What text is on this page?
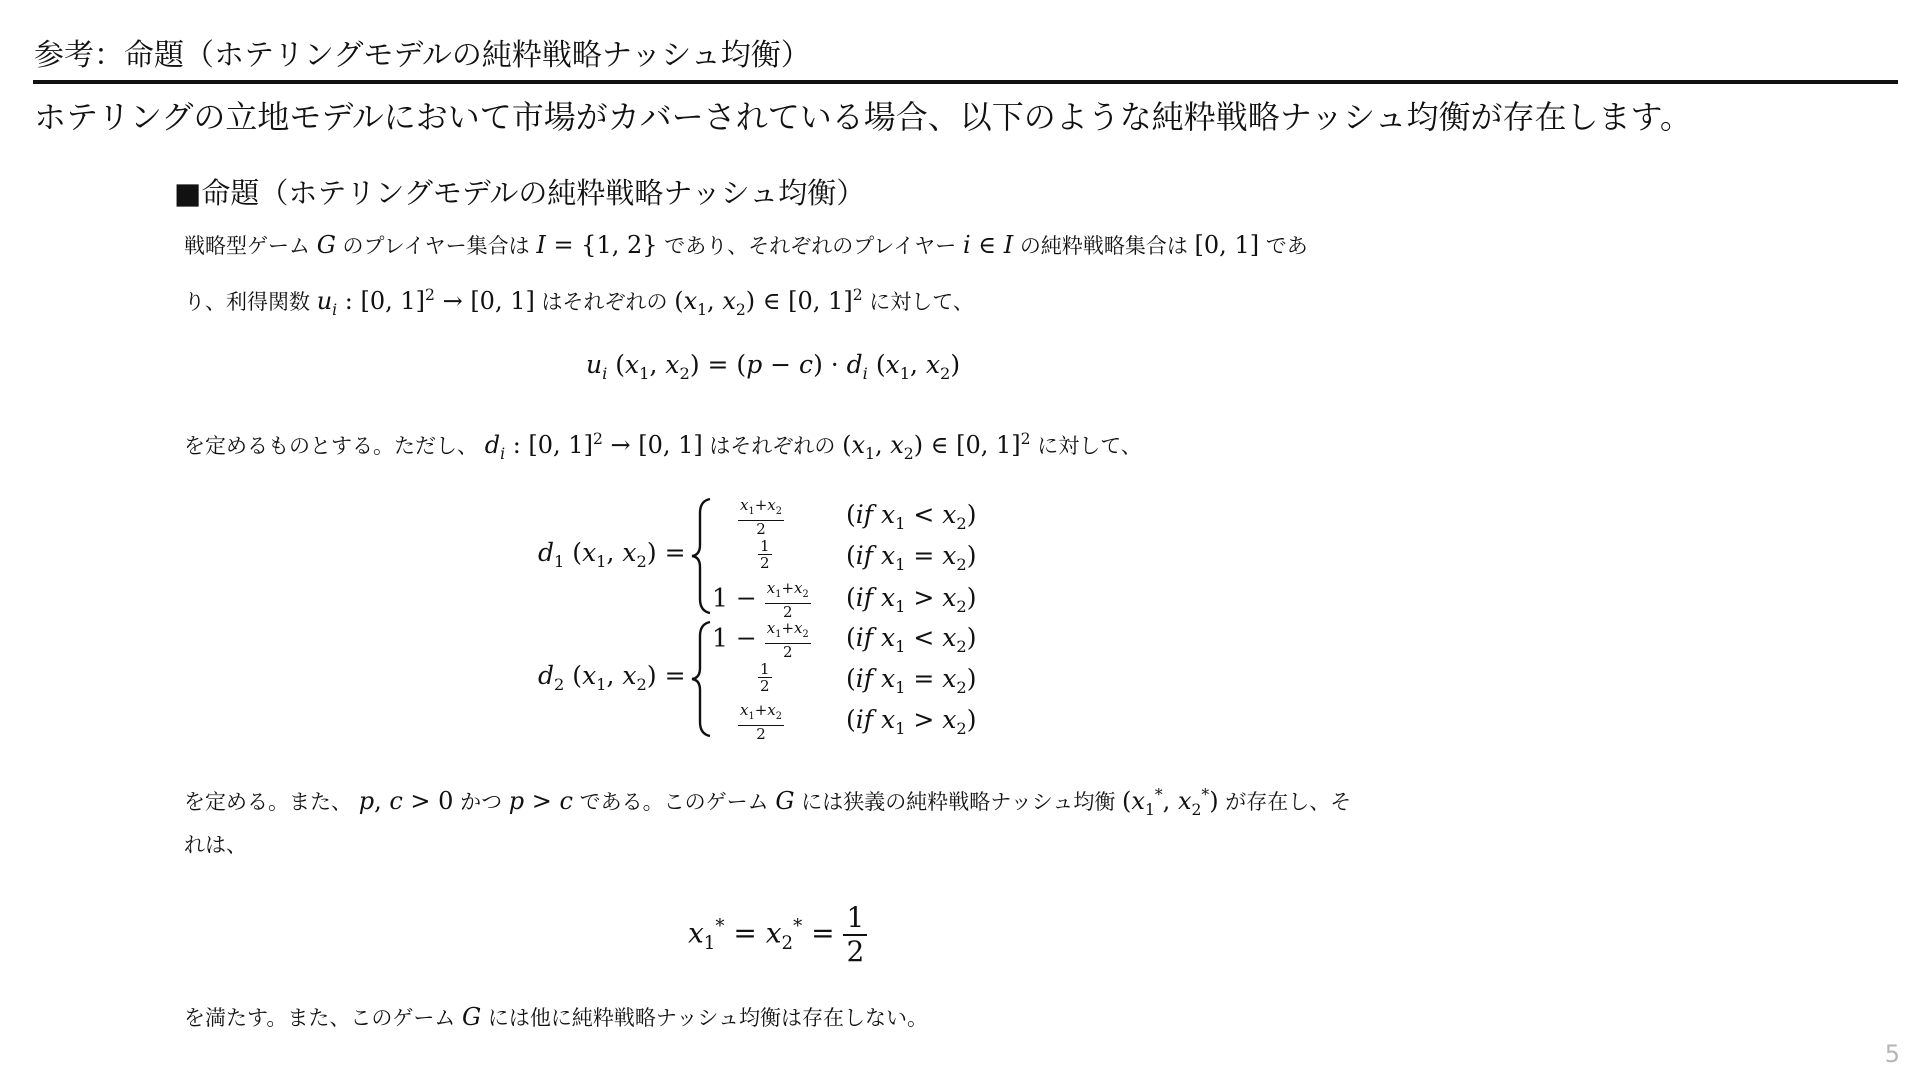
参考：命題（ホテリングモデルの純粋戦略ナッシュ均衡）
ホテリングの立地モデルにおいて市場がカバーされている場合、以下のような純粋戦略ナッシュ均衡が存在します。
■命題（ホテリングモデルの純粋戦略ナッシュ均衡）
戦略型ゲーム G のプレイヤー集合は I = {1, 2} であり、それぞれのプレイヤー i ∈ I の純粋戦略集合は [0, 1] であ
り、利得関数 $u_i$ : [0, 1]$^2$ → [0, 1] はそれぞれの ($x_1$, $x_2$) ∈ [0, 1]$^2$ に対して、
$u_i$ ($x_1$, $x_2) = (p - c) \cdot d_i$ ($x_1$, $x_2$)
を定めるものとする。ただし、 $d_i$ : [0, 1]$^2$ → [0, 1] はそれぞれの ($x_1$, $x_2$) ∈ [0, 1]$^2$ に対して、
$d_1$ ($x_1$, $x_2$) =
$\frac{x_1+x_2}{2} (if$ $x_1 < x_2$)
$\frac{1}{2}$	(if $x_1 = x_2$)
$1 - \frac{x_1+x_2}{2} (if$ $x_1 > x_2$)
$d_2$ ($x_1$, $x_2$) =
$1 - \frac{x_1+x_2}{2} (if$ $x_1 < x_2$)
$\frac{1}{2}$	(if $x_1 = x_2$)
$\frac{x_1+x_2}{2} (if$ $x_1 > x_2$)
を定める。また、 p, c > 0 かつ p > c である。このゲーム G には狭義の純粋戦略ナッシュ均衡 ($x_1^*$, $x_2^*$) が存在し、そ
れは、
$x_1^* = x_2^* = \frac{1}{2}$
を満たす。また、このゲーム G には他に純粋戦略ナッシュ均衡は存在しない。
5
